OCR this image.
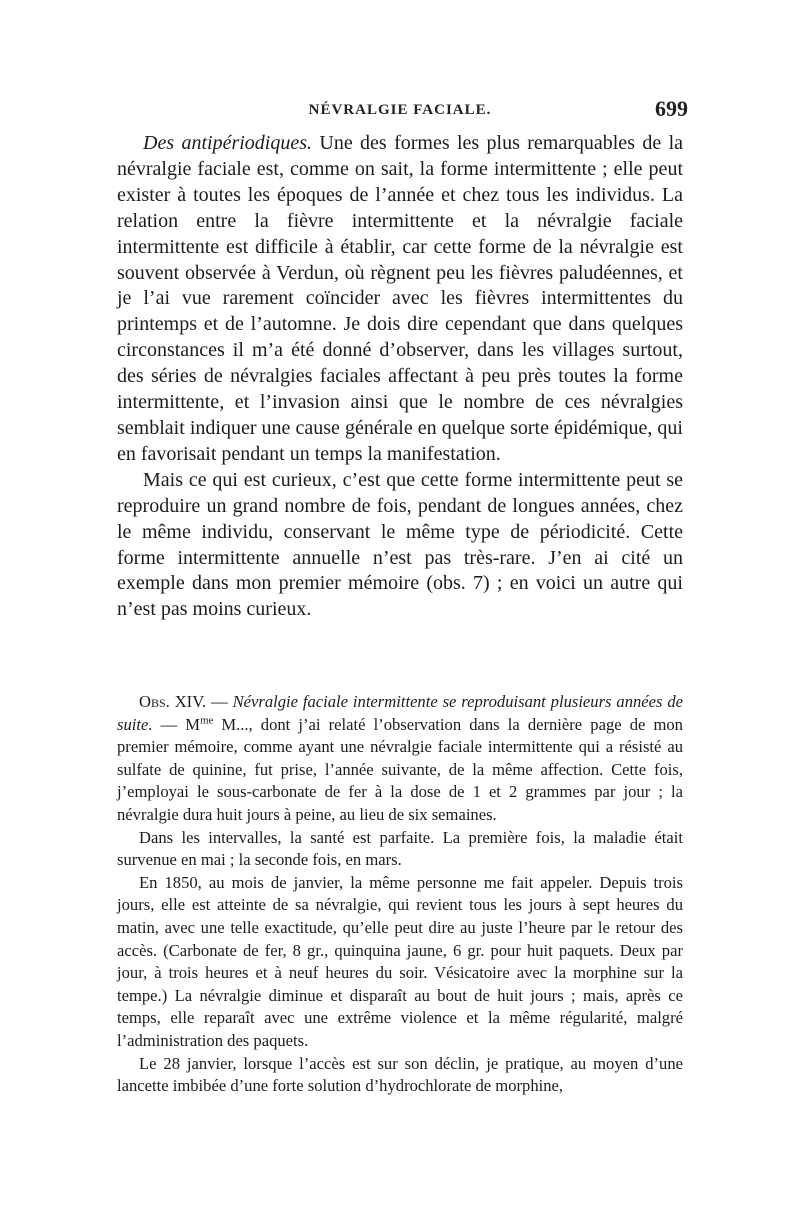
NÉVRALGIE FACIALE.	699

Des antipériodiques. Une des formes les plus remarquables de la névralgie faciale est, comme on sait, la forme intermittente ; elle peut exister à toutes les époques de l’année et chez tous les individus. La relation entre la fièvre intermittente et la névralgie faciale intermittente est difficile à établir, car cette forme de la névralgie est souvent observée à Verdun, où règnent peu les fièvres paludéennes, et je l’ai vue rarement coïncider avec les fièvres intermittentes du printemps et de l’automne. Je dois dire cependant que dans quelques circonstances il m’a été donné d’observer, dans les villages surtout, des séries de névralgies faciales affectant à peu près toutes la forme intermittente, et l’invasion ainsi que le nombre de ces névralgies semblait indiquer une cause générale en quelque sorte épidémique, qui en favorisait pendant un temps la manifestation.

Mais ce qui est curieux, c’est que cette forme intermittente peut se reproduire un grand nombre de fois, pendant de longues années, chez le même individu, conservant le même type de périodicité. Cette forme intermittente annuelle n’est pas très-rare. J’en ai cité un exemple dans mon premier mémoire (obs. 7) ; en voici un autre qui n’est pas moins curieux.

Obs. XIV. — Névralgie faciale intermittente se reproduisant plusieurs années de suite. — $M^{me}$ M..., dont j’ai relaté l’observation dans la dernière page de mon premier mémoire, comme ayant une névralgie faciale intermittente qui a résisté au sulfate de quinine, fut prise, l’année suivante, de la même affection. Cette fois, j’employai le sous-carbonate de fer à la dose de 1 et 2 grammes par jour ; la névralgie dura huit jours à peine, au lieu de six semaines.

Dans les intervalles, la santé est parfaite. La première fois, la maladie était survenue en mai ; la seconde fois, en mars.

En 1850, au mois de janvier, la même personne me fait appeler. Depuis trois jours, elle est atteinte de sa névralgie, qui revient tous les jours à sept heures du matin, avec une telle exactitude, qu’elle peut dire au juste l’heure par le retour des accès. (Carbonate de fer, 8 gr., quinquina jaune, 6 gr. pour huit paquets. Deux par jour, à trois heures et à neuf heures du soir. Vésicatoire avec la morphine sur la tempe.) La névralgie diminue et disparaît au bout de huit jours ; mais, après ce temps, elle reparaît avec une extrême violence et la même régularité, malgré l’administration des paquets.

Le 28 janvier, lorsque l’accès est sur son déclin, je pratique, au moyen d’une lancette imbibée d’une forte solution d’hydrochlorate de morphine,
